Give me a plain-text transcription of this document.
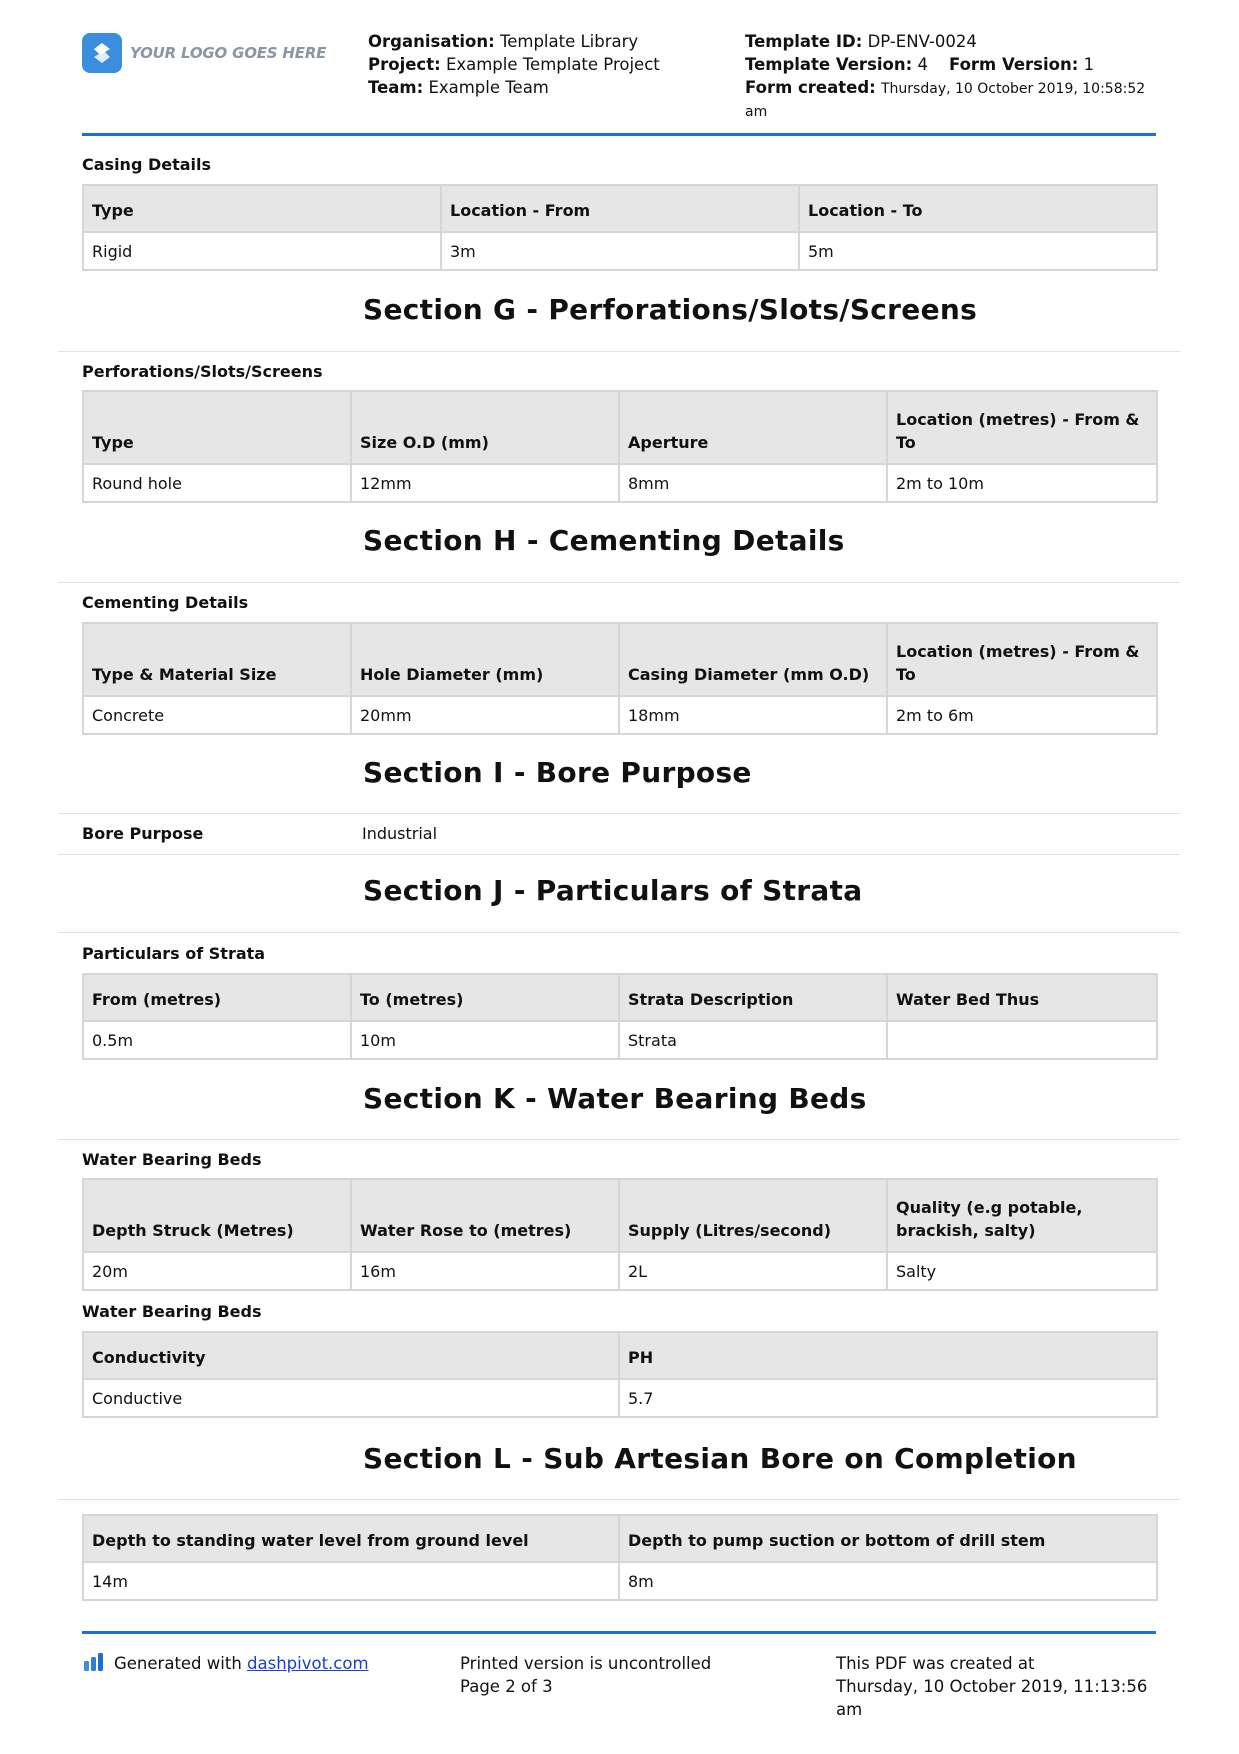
YOUR LOGO GOES HERE
Organisation: Template Library
Project: Example Template Project
Team: Example Team
Template ID: DP-ENV-0024
Template Version: 4 Form Version: 1
Form created: Thursday, 10 October 2019, 10:58:52
am
Casing Details
Type	Location - From	Location - To
Rigid	3m	5m
Section G - Perforations/Slots/Screens
Perforations/Slots/Screens
Type	Size O.D (mm)	Aperture	Location (metres) - From & To
Round hole	12mm	8mm	2m to 10m
Section H - Cementing Details
Cementing Details
Type & Material Size	Hole Diameter (mm)	Casing Diameter (mm O.D)	Location (metres) - From & To
Concrete	20mm	18mm	2m to 6m
Section I - Bore Purpose
Bore Purpose	Industrial
Section J - Particulars of Strata
Particulars of Strata
From (metres)	To (metres)	Strata Description	Water Bed Thus
0.5m	10m	Strata	
Section K - Water Bearing Beds
Water Bearing Beds
Depth Struck (Metres)	Water Rose to (metres)	Supply (Litres/second)	Quality (e.g potable, brackish, salty)
20m	16m	2L	Salty
Water Bearing Beds
Conductivity	PH
Conductive	5.7
Section L - Sub Artesian Bore on Completion
Depth to standing water level from ground level	Depth to pump suction or bottom of drill stem
14m	8m
Generated with dashpivot.com	Printed version is uncontrolled
Page 2 of 3
This PDF was created at
Thursday, 10 October 2019, 11:13:56
am
